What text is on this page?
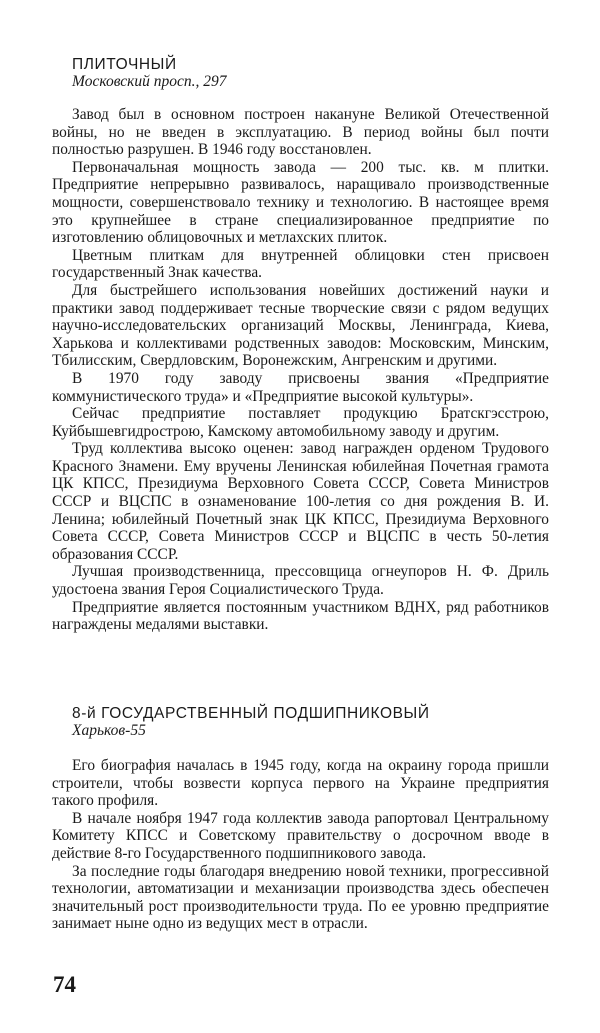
ПЛИТОЧНЫЙ
Московский просп., 297

Завод был в основном построен накануне Великой Отечественной войны, но не введен в эксплуатацию. В период войны был почти полностью разрушен. В 1946 году восстановлен.

Первоначальная мощность завода — 200 тыс. кв. м плитки. Предприятие непрерывно развивалось, наращивало производственные мощности, совершенствовало технику и технологию. В настоящее время это крупнейшее в стране специализированное предприятие по изготовлению облицовочных и метлахских плиток.

Цветным плиткам для внутренней облицовки стен присвоен государственный Знак качества.

Для быстрейшего использования новейших достижений науки и практики завод поддерживает тесные творческие связи с рядом ведущих научно-исследовательских организаций Москвы, Ленинграда, Киева, Харькова и коллективами родственных заводов: Московским, Минским, Тбилисским, Свердловским, Воронежским, Ангренским и другими.

В 1970 году заводу присвоены звания «Предприятие коммунистического труда» и «Предприятие высокой культуры».

Сейчас предприятие поставляет продукцию Братскгэсстрою, Куйбышевгидрострою, Камскому автомобильному заводу и другим.

Труд коллектива высоко оценен: завод награжден орденом Трудового Красного Знамени. Ему вручены Ленинская юбилейная Почетная грамота ЦК КПСС, Президиума Верховного Совета СССР, Совета Министров СССР и ВЦСПС в ознаменование 100-летия со дня рождения В. И. Ленина; юбилейный Почетный знак ЦК КПСС, Президиума Верховного Совета СССР, Совета Министров СССР и ВЦСПС в честь 50-летия образования СССР.

Лучшая производственница, прессовщица огнеупоров Н. Ф. Дриль удостоена звания Героя Социалистического Труда.

Предприятие является постоянным участником ВДНХ, ряд работников награждены медалями выставки.

8-й ГОСУДАРСТВЕННЫЙ ПОДШИПНИКОВЫЙ
Харьков-55

Его биография началась в 1945 году, когда на окраину города пришли строители, чтобы возвести корпуса первого на Украине предприятия такого профиля.

В начале ноября 1947 года коллектив завода рапортовал Центральному Комитету КПСС и Советскому правительству о досрочном вводе в действие 8-го Государственного подшипникового завода.

За последние годы благодаря внедрению новой техники, прогрессивной технологии, автоматизации и механизации производства здесь обеспечен значительный рост производительности труда. По ее уровню предприятие занимает ныне одно из ведущих мест в отрасли.

74
